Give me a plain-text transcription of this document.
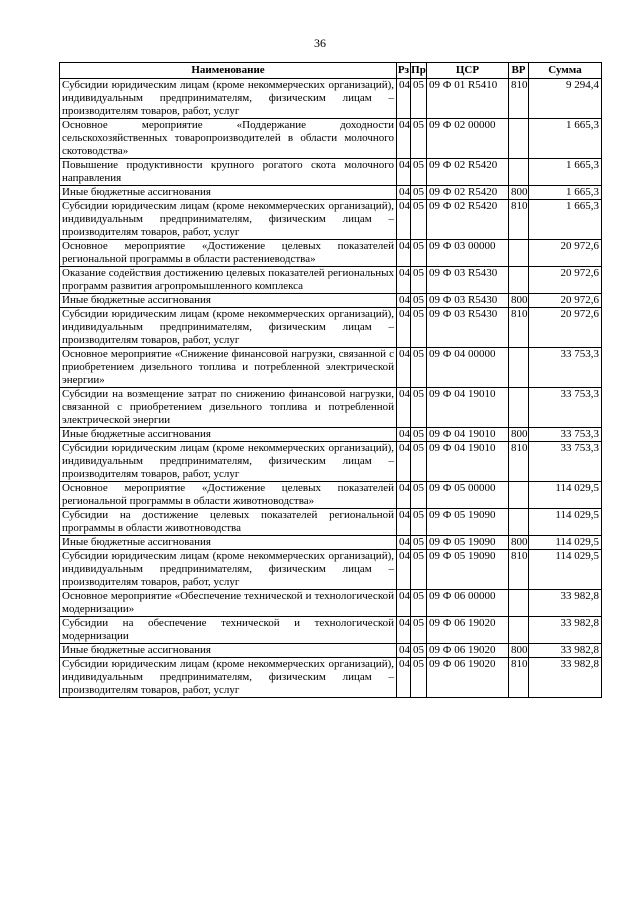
36
Наименование	Рз	Пр	ЦСР	ВР	Сумма
Субсидии юридическим лицам (кроме некоммерческих организаций), индивидуальным предпринимателям, физическим лицам – производителям товаров, работ, услуг	04	05	09 Ф 01 R5410	810	9 294,4
Основное мероприятие «Поддержание доходности сельскохозяйственных товаропроизводителей в области молочного скотоводства»	04	05	09 Ф 02 00000		1 665,3
Повышение продуктивности крупного рогатого скота молочного направления	04	05	09 Ф 02 R5420		1 665,3
Иные бюджетные ассигнования	04	05	09 Ф 02 R5420	800	1 665,3
Субсидии юридическим лицам (кроме некоммерческих организаций), индивидуальным предпринимателям, физическим лицам – производителям товаров, работ, услуг	04	05	09 Ф 02 R5420	810	1 665,3
Основное мероприятие «Достижение целевых показателей региональной программы в области растениеводства»	04	05	09 Ф 03 00000		20 972,6
Оказание содействия достижению целевых показателей региональных программ развития агропромышленного комплекса	04	05	09 Ф 03 R5430		20 972,6
Иные бюджетные ассигнования	04	05	09 Ф 03 R5430	800	20 972,6
Субсидии юридическим лицам (кроме некоммерческих организаций), индивидуальным предпринимателям, физическим лицам – производителям товаров, работ, услуг	04	05	09 Ф 03 R5430	810	20 972,6
Основное мероприятие «Снижение финансовой нагрузки, связанной с приобретением дизельного топлива и потребленной электрической энергии»	04	05	09 Ф 04 00000		33 753,3
Субсидии на возмещение затрат по снижению финансовой нагрузки, связанной с приобретением дизельного топлива и потребленной электрической энергии	04	05	09 Ф 04 19010		33 753,3
Иные бюджетные ассигнования	04	05	09 Ф 04 19010	800	33 753,3
Субсидии юридическим лицам (кроме некоммерческих организаций), индивидуальным предпринимателям, физическим лицам – производителям товаров, работ, услуг	04	05	09 Ф 04 19010	810	33 753,3
Основное мероприятие «Достижение целевых показателей региональной программы в области животноводства»	04	05	09 Ф 05 00000		114 029,5
Субсидии на достижение целевых показателей региональной программы в области животноводства	04	05	09 Ф 05 19090		114 029,5
Иные бюджетные ассигнования	04	05	09 Ф 05 19090	800	114 029,5
Субсидии юридическим лицам (кроме некоммерческих организаций), индивидуальным предпринимателям, физическим лицам – производителям товаров, работ, услуг	04	05	09 Ф 05 19090	810	114 029,5
Основное мероприятие «Обеспечение технической и технологической модернизации»	04	05	09 Ф 06 00000		33 982,8
Субсидии на обеспечение технической и технологической модернизации	04	05	09 Ф 06 19020		33 982,8
Иные бюджетные ассигнования	04	05	09 Ф 06 19020	800	33 982,8
Субсидии юридическим лицам (кроме некоммерческих организаций), индивидуальным предпринимателям, физическим лицам – производителям товаров, работ, услуг	04	05	09 Ф 06 19020	810	33 982,8
